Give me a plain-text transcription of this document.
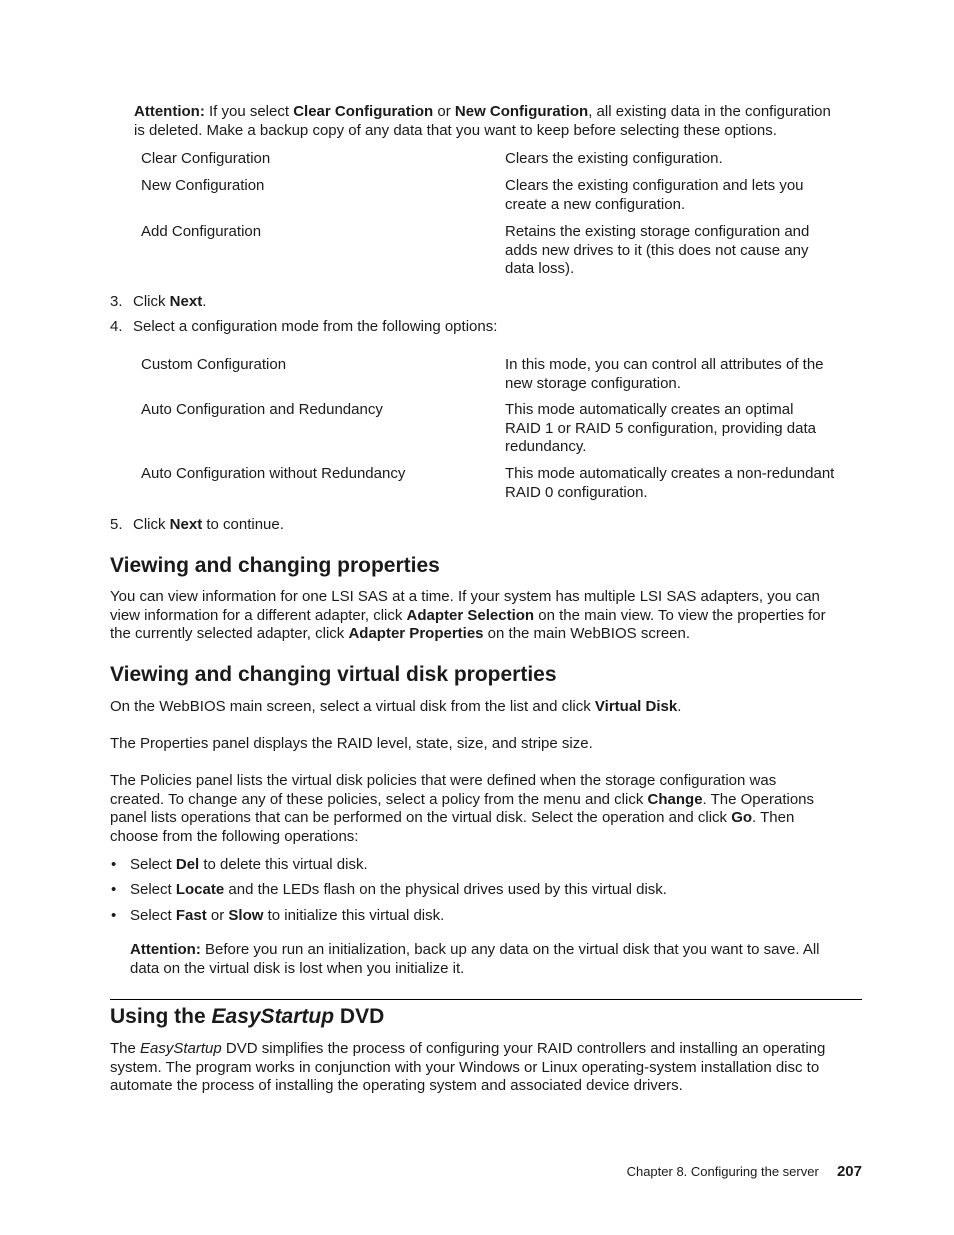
Attention: If you select Clear Configuration or New Configuration, all existing data in the configuration
is deleted. Make a backup copy of any data that you want to keep before selecting these options.
Clear Configuration	Clears the existing configuration.
New Configuration	Clears the existing configuration and lets you
create a new configuration.
Add Configuration	Retains the existing storage configuration and
adds new drives to it (this does not cause any
data loss).
3. Click Next.
4. Select a configuration mode from the following options:
Custom Configuration	In this mode, you can control all attributes of the
new storage configuration.
Auto Configuration and Redundancy	This mode automatically creates an optimal
RAID 1 or RAID 5 configuration, providing data
redundancy.
Auto Configuration without Redundancy	This mode automatically creates a non-redundant
RAID 0 configuration.
5. Click Next to continue.
Viewing and changing properties
You can view information for one LSI SAS at a time. If your system has multiple LSI SAS adapters, you can
view information for a different adapter, click Adapter Selection on the main view. To view the properties for
the currently selected adapter, click Adapter Properties on the main WebBIOS screen.
Viewing and changing virtual disk properties
On the WebBIOS main screen, select a virtual disk from the list and click Virtual Disk.
The Properties panel displays the RAID level, state, size, and stripe size.
The Policies panel lists the virtual disk policies that were defined when the storage configuration was
created. To change any of these policies, select a policy from the menu and click Change. The Operations
panel lists operations that can be performed on the virtual disk. Select the operation and click Go. Then
choose from the following operations:
• Select Del to delete this virtual disk.
• Select Locate and the LEDs flash on the physical drives used by this virtual disk.
• Select Fast or Slow to initialize this virtual disk.
Attention: Before you run an initialization, back up any data on the virtual disk that you want to save. All
data on the virtual disk is lost when you initialize it.
Using the EasyStartup DVD
The EasyStartup DVD simplifies the process of configuring your RAID controllers and installing an operating
system. The program works in conjunction with your Windows or Linux operating-system installation disc to
automate the process of installing the operating system and associated device drivers.
Chapter 8. Configuring the server 207
